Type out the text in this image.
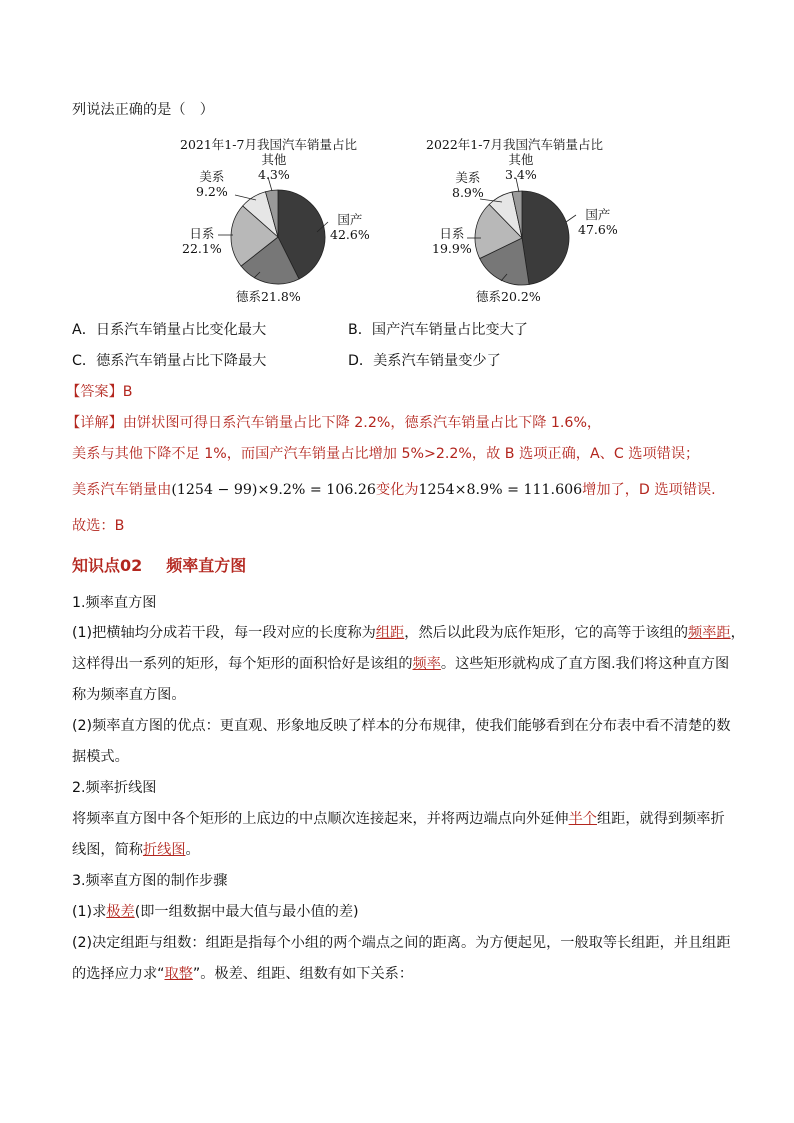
列说法正确的是（　）
2021年1-7月我国汽车销量占比
其他
4.3%
美系
9.2%
日系
22.1%
德系21.8%
国产
42.6%
2022年1-7月我国汽车销量占比
其他
3.4%
美系
8.9%
日系
19.9%
德系20.2%
国产
47.6%
A．日系汽车销量占比变化最大	B．国产汽车销量占比变大了
C．德系汽车销量占比下降最大	D．美系汽车销量变少了
【答案】B
【详解】由饼状图可得日系汽车销量占比下降 2.2%，德系汽车销量占比下降 1.6%，
美系与其他下降不足 1%，而国产汽车销量占比增加 5%>2.2%，故 B 选项正确，A、C 选项错误；
美系汽车销量由(1254 − 99)×9.2% = 106.26变化为1254×8.9% = 111.606增加了，D 选项错误.
故选：B
知识点02 频率直方图
1.频率直方图
(1)把横轴均分成若干段，每一段对应的长度称为组距，然后以此段为底作矩形，它的高等于该组的频率距，
这样得出一系列的矩形，每个矩形的面积恰好是该组的频率。这些矩形就构成了直方图.我们将这种直方图
称为频率直方图。
(2)频率直方图的优点：更直观、形象地反映了样本的分布规律，使我们能够看到在分布表中看不清楚的数
据模式。
2.频率折线图
将频率直方图中各个矩形的上底边的中点顺次连接起来，并将两边端点向外延伸半个组距，就得到频率折
线图，简称折线图。
3.频率直方图的制作步骤
(1)求极差(即一组数据中最大值与最小值的差)
(2)决定组距与组数：组距是指每个小组的两个端点之间的距离。为方便起见，一般取等长组距，并且组距
的选择应力求“取整”。极差、组距、组数有如下关系：
